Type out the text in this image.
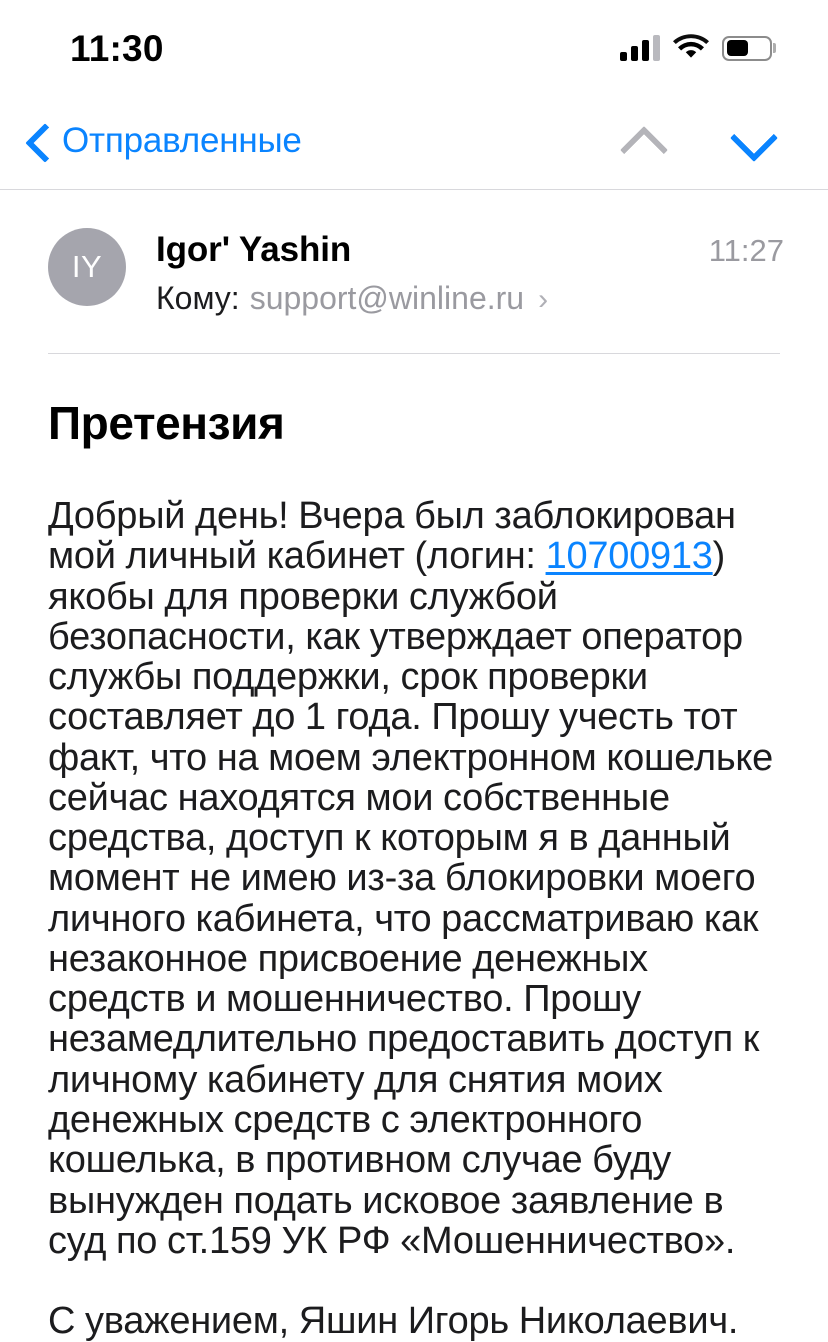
11:30
Отправленные
IY	Igor' Yashin	11:27
Кому: support@winline.ru ›
Претензия

Добрый день! Вчера был заблокирован мой личный кабинет (логин: 10700913) якобы для проверки службой безопасности, как утверждает оператор службы поддержки, срок проверки составляет до 1 года. Прошу учесть тот факт, что на моем электронном кошельке сейчас находятся мои собственные средства, доступ к которым я в данный момент не имею из-за блокировки моего личного кабинета, что рассматриваю как незаконное присвоение денежных средств и мошенничество. Прошу незамедлительно предоставить доступ к личному кабинету для снятия моих денежных средств с электронного кошелька, в противном случае буду вынужден подать исковое заявление в суд по ст.159 УК РФ «Мошенничество».

С уважением, Яшин Игорь Николаевич.
